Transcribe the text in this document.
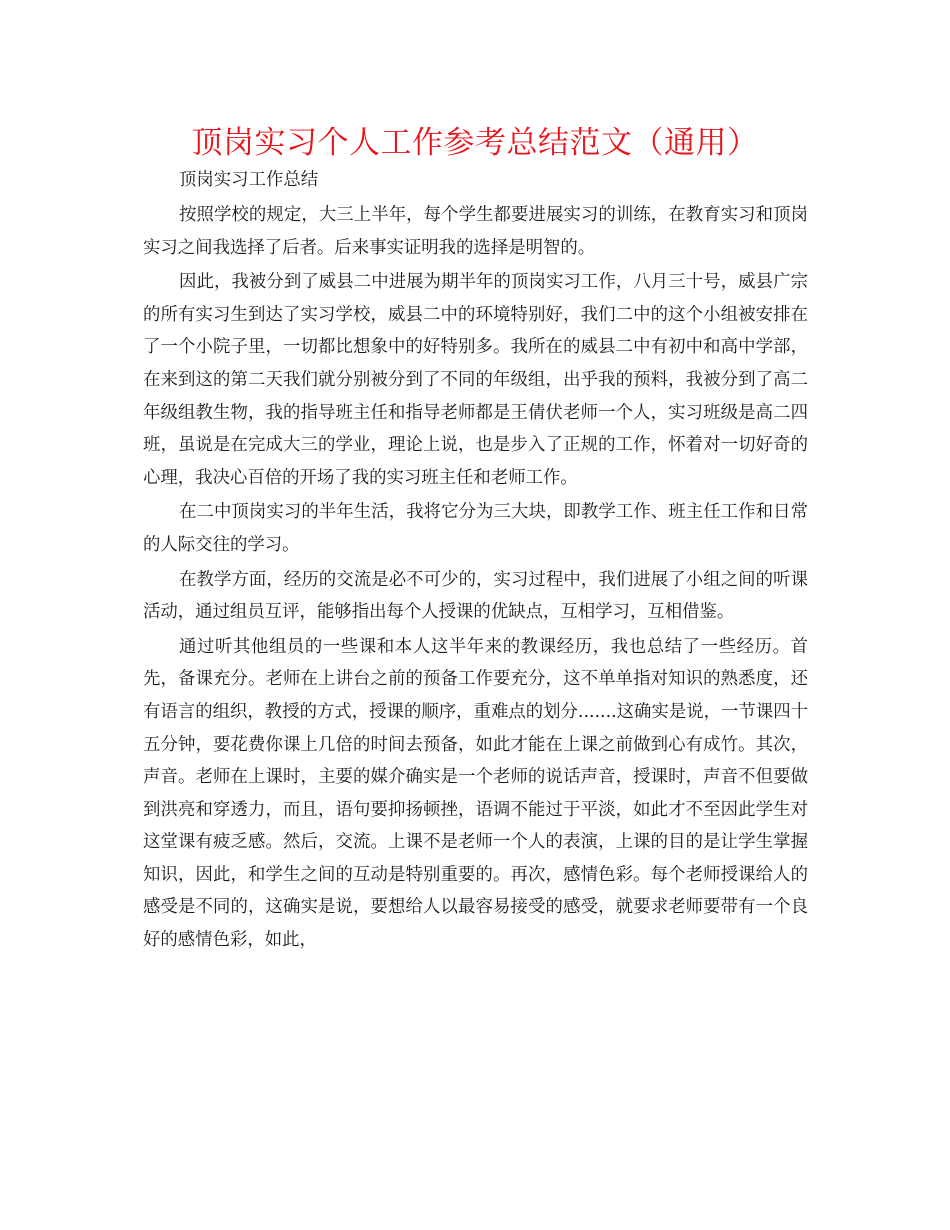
顶岗实习个人工作参考总结范文（通用）

顶岗实习工作总结

按照学校的规定，大三上半年，每个学生都要进展实习的训练，在教育实习和顶岗实习之间我选择了后者。后来事实证明我的选择是明智的。

因此，我被分到了威县二中进展为期半年的顶岗实习工作，八月三十号，威县广宗的所有实习生到达了实习学校，威县二中的环境特别好，我们二中的这个小组被安排在了一个小院子里，一切都比想象中的好特别多。我所在的威县二中有初中和高中学部，在来到这的第二天我们就分别被分到了不同的年级组，出乎我的预料，我被分到了高二年级组教生物，我的指导班主任和指导老师都是王倩伏老师一个人，实习班级是高二四班，虽说是在完成大三的学业，理论上说，也是步入了正规的工作，怀着对一切好奇的心理，我决心百倍的开场了我的实习班主任和老师工作。

在二中顶岗实习的半年生活，我将它分为三大块，即教学工作、班主任工作和日常的人际交往的学习。

在教学方面，经历的交流是必不可少的，实习过程中，我们进展了小组之间的听课活动，通过组员互评，能够指出每个人授课的优缺点，互相学习，互相借鉴。

通过听其他组员的一些课和本人这半年来的教课经历，我也总结了一些经历。首先，备课充分。老师在上讲台之前的预备工作要充分，这不单单指对知识的熟悉度，还有语言的组织，教授的方式，授课的顺序，重难点的划分.......这确实是说，一节课四十五分钟，要花费你课上几倍的时间去预备，如此才能在上课之前做到心有成竹。其次，声音。老师在上课时，主要的媒介确实是一个老师的说话声音，授课时，声音不但要做到洪亮和穿透力，而且，语句要抑扬顿挫，语调不能过于平淡，如此才不至因此学生对这堂课有疲乏感。然后，交流。上课不是老师一个人的表演，上课的目的是让学生掌握知识，因此，和学生之间的互动是特别重要的。再次，感情色彩。每个老师授课给人的感受是不同的，这确实是说，要想给人以最容易接受的感受，就要求老师要带有一个良好的感情色彩，如此，
